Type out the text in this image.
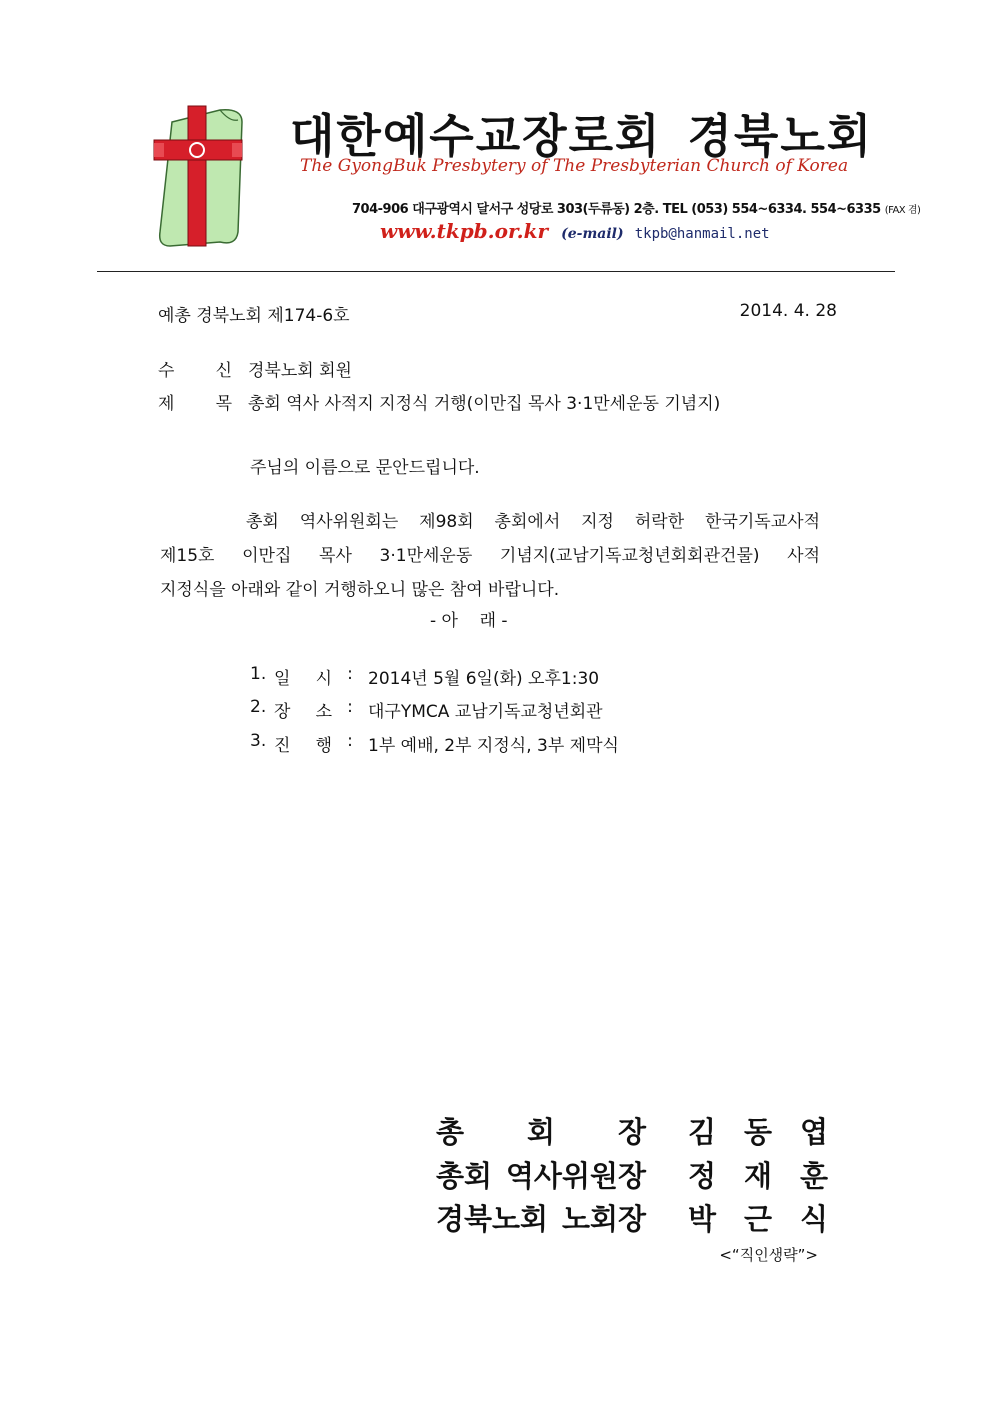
대한예수교장로회 경북노회
The GyongBuk Presbytery of The Presbyterian Church of Korea
704-906 대구광역시 달서구 성당로 303(두류동) 2층. TEL (053) 554~6334. 554~6335 (FAX 겸)
www.tkpb.or.kr (e-mail) tkpb@hanmail.net
예총 경북노회 제174-6호	2014. 4. 28
수 신 경북노회 회원
제 목 총회 역사 사적지 지정식 거행(이만집 목사 3·1만세운동 기념지)
주님의 이름으로 문안드립니다.
총회 역사위원회는 제98회 총회에서 지정 허락한 한국기독교사적
제15호 이만집 목사 3·1만세운동 기념지(교남기독교청년회회관건물) 사적
지정식을 아래와 같이 거행하오니 많은 참여 바랍니다.
- 아    래 -
1. 일 시 : 2014년 5월 6일(화) 오후1:30
2. 장 소 : 대구YMCA 교남기독교청년회관
3. 진 행 : 1부 예배, 2부 지정식, 3부 제막식
총 회 장 김 동 엽
총회 역사위원장 정 재 훈
경북노회 노회장 박 근 식
<“직인생략”>
